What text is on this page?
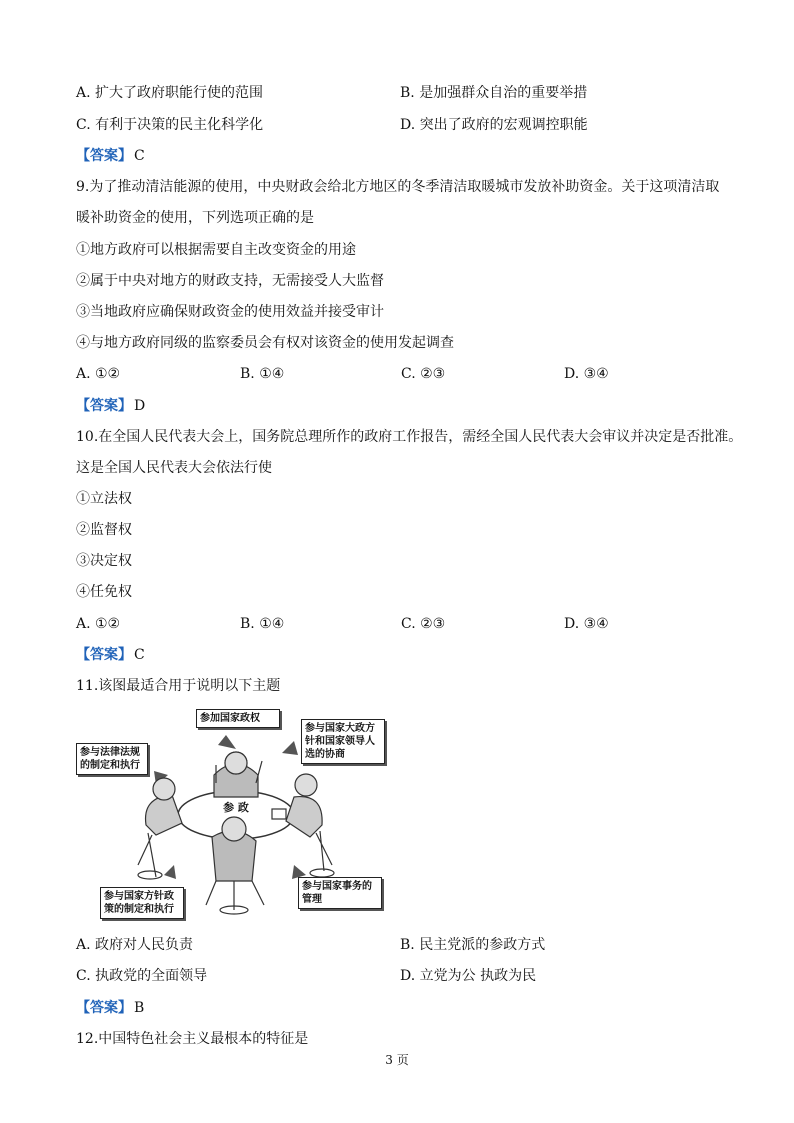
A. 扩大了政府职能行使的范围	B. 是加强群众自治的重要举措
C. 有利于决策的民主化科学化	D. 突出了政府的宏观调控职能
【答案】 C
9.为了推动清洁能源的使用，中央财政会给北方地区的冬季清洁取暖城市发放补助资金。关于这项清洁取
暖补助资金的使用，下列选项正确的是
①地方政府可以根据需要自主改变资金的用途
②属于中央对地方的财政支持，无需接受人大监督
③当地政府应确保财政资金的使用效益并接受审计
④与地方政府同级的监察委员会有权对该资金的使用发起调查
A. ①②	B. ①④	C. ②③	D. ③④
【答案】 D
10.在全国人民代表大会上，国务院总理所作的政府工作报告，需经全国人民代表大会审议并决定是否批准。
这是全国人民代表大会依法行使
①立法权
②监督权
③决定权
④任免权
A. ①②	B. ①④	C. ②③	D. ③④
【答案】 C
11.该图最适合用于说明以下主题
参 政
参加国家政权
参与国家大政方针和国家领导人选的协商
参与法律法规的制定和执行
参与国家方针政策的制定和执行
参与国家事务的管理
A. 政府对人民负责	B. 民主党派的参政方式
C. 执政党的全面领导	D. 立党为公 执政为民
【答案】 B
12.中国特色社会主义最根本的特征是
3 页
